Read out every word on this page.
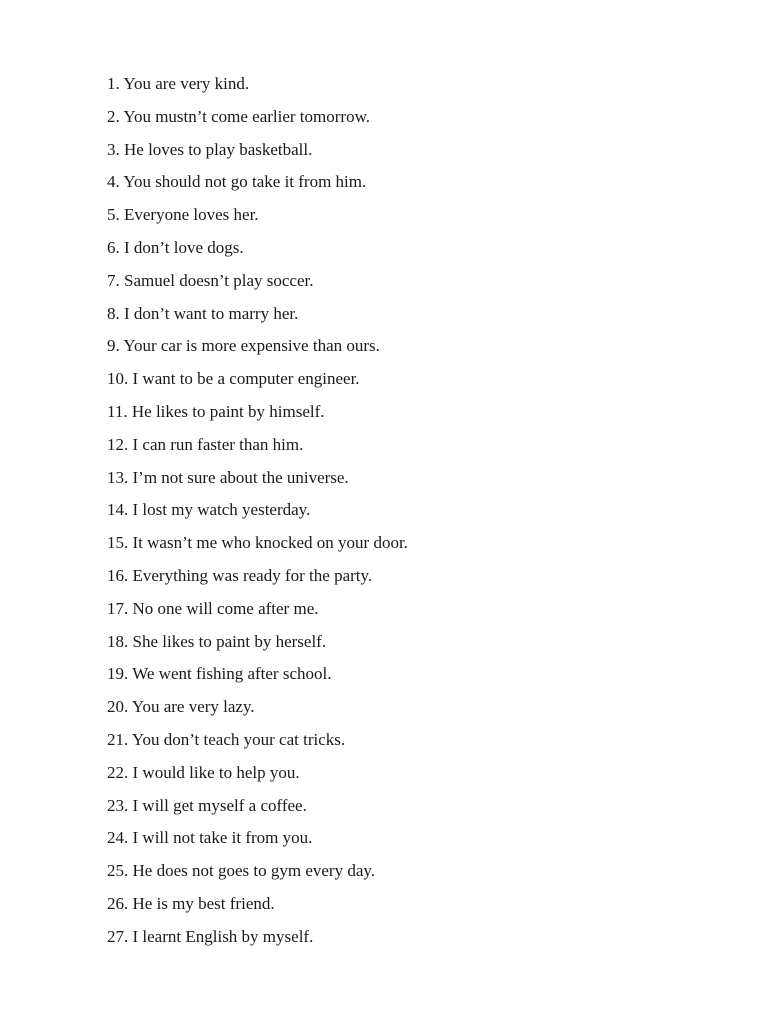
1. You are very kind.
2. You mustn’t come earlier tomorrow.
3. He loves to play basketball.
4. You should not go take it from him.
5. Everyone loves her.
6. I don’t love dogs.
7. Samuel doesn’t play soccer.
8. I don’t want to marry her.
9. Your car is more expensive than ours.
10. I want to be a computer engineer.
11. He likes to paint by himself.
12. I can run faster than him.
13. I’m not sure about the universe.
14. I lost my watch yesterday.
15. It wasn’t me who knocked on your door.
16. Everything was ready for the party.
17. No one will come after me.
18. She likes to paint by herself.
19. We went fishing after school.
20. You are very lazy.
21. You don’t teach your cat tricks.
22. I would like to help you.
23. I will get myself a coffee.
24. I will not take it from you.
25. He does not goes to gym every day.
26. He is my best friend.
27. I learnt English by myself.
